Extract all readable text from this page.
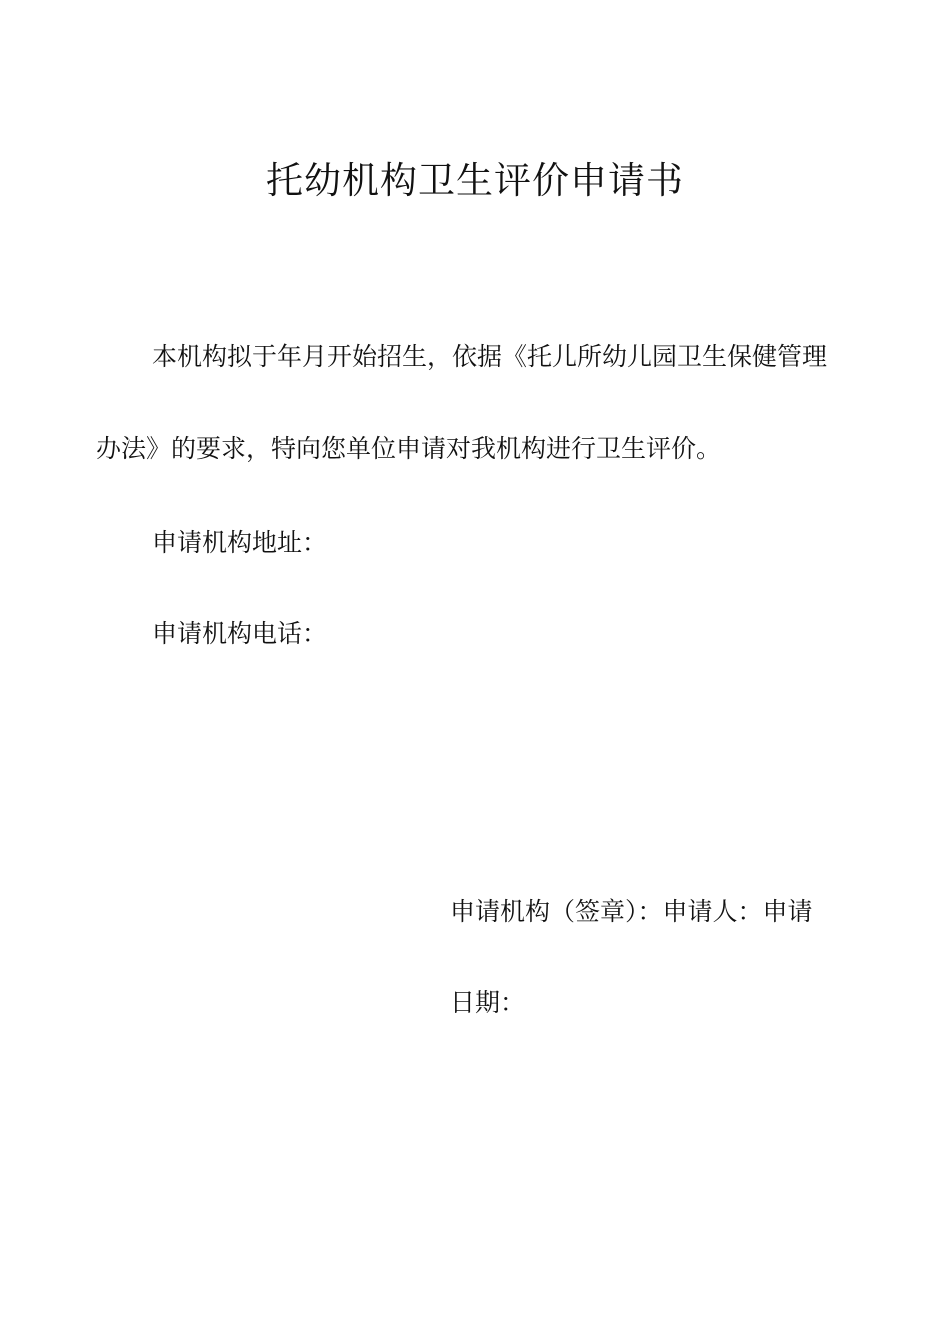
托幼机构卫生评价申请书
本机构拟于年月开始招生，依据《托儿所幼儿园卫生保健管理
办法》的要求，特向您单位申请对我机构进行卫生评价。
申请机构地址：
申请机构电话：
申请机构（签章）：申请人：申请
日期：
